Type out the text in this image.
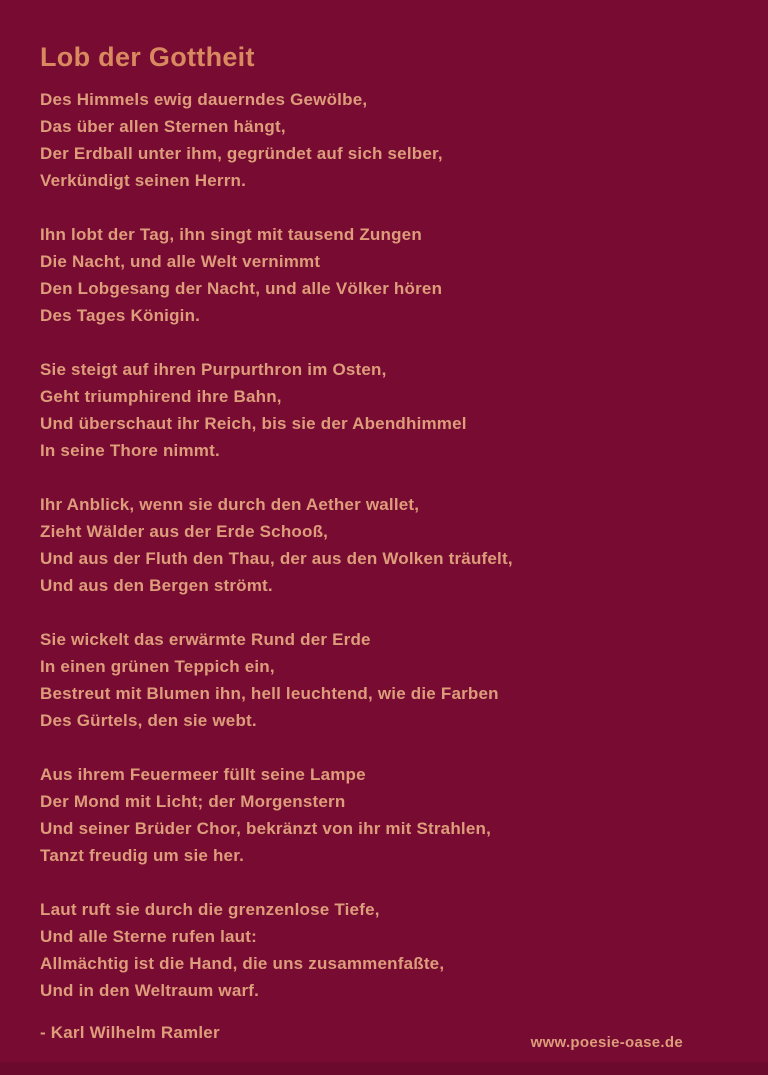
Lob der Gottheit

Des Himmels ewig dauerndes Gewölbe,

Das über allen Sternen hängt,

Der Erdball unter ihm, gegründet auf sich selber,

Verkündigt seinen Herrn.

Ihn lobt der Tag, ihn singt mit tausend Zungen

Die Nacht, und alle Welt vernimmt

Den Lobgesang der Nacht, und alle Völker hören

Des Tages Königin.

Sie steigt auf ihren Purpurthron im Osten,

Geht triumphirend ihre Bahn,

Und überschaut ihr Reich, bis sie der Abendhimmel

In seine Thore nimmt.

Ihr Anblick, wenn sie durch den Aether wallet,

Zieht Wälder aus der Erde Schooß,

Und aus der Fluth den Thau, der aus den Wolken träufelt,

Und aus den Bergen strömt.

Sie wickelt das erwärmte Rund der Erde

In einen grünen Teppich ein,

Bestreut mit Blumen ihn, hell leuchtend, wie die Farben

Des Gürtels, den sie webt.

Aus ihrem Feuermeer füllt seine Lampe

Der Mond mit Licht; der Morgenstern

Und seiner Brüder Chor, bekränzt von ihr mit Strahlen,

Tanzt freudig um sie her.

Laut ruft sie durch die grenzenlose Tiefe,

Und alle Sterne rufen laut:

Allmächtig ist die Hand, die uns zusammenfaßte,

Und in den Weltraum warf.

- Karl Wilhelm Ramler

www.poesie-oase.de
